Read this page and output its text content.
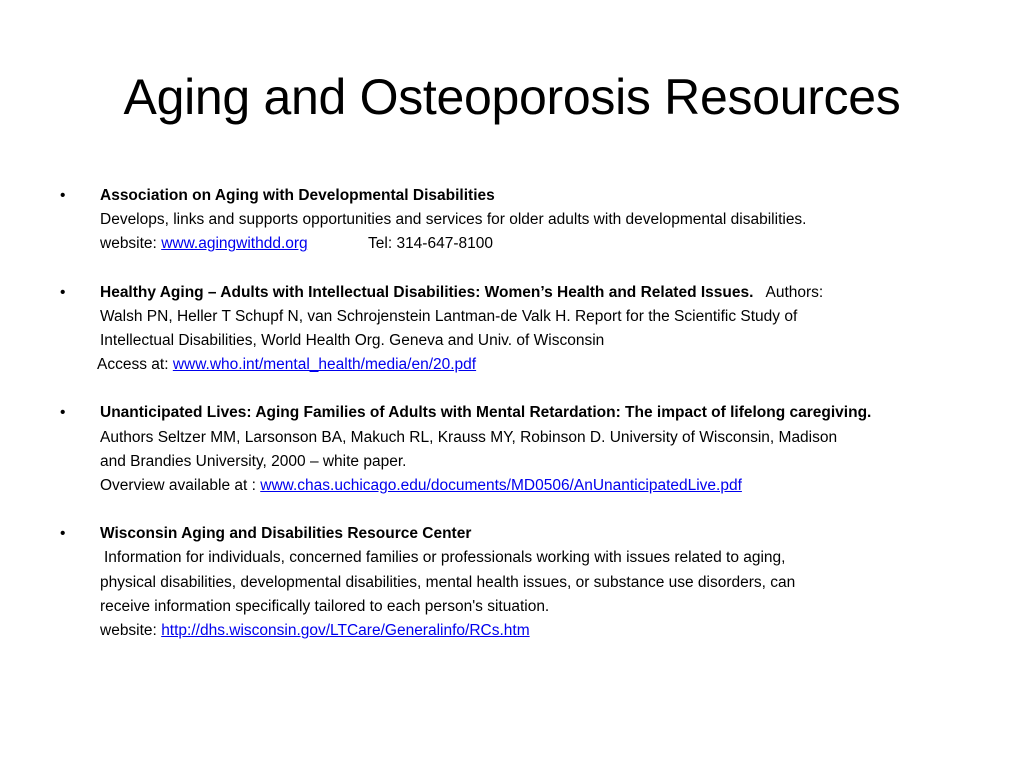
Aging and Osteoporosis Resources
•	Association on Aging with Developmental Disabilities
Develops, links and supports opportunities and services for older adults with developmental disabilities.
website: www.agingwithdd.org	Tel: 314-647-8100
•	Healthy Aging – Adults with Intellectual Disabilities: Women’s Health and Related Issues. Authors:
Walsh PN, Heller T Schupf N, van Schrojenstein Lantman-de Valk H. Report for the Scientific Study of
Intellectual Disabilities, World Health Org. Geneva and Univ. of Wisconsin
Access at: www.who.int/mental_health/media/en/20.pdf
•	Unanticipated Lives: Aging Families of Adults with Mental Retardation: The impact of lifelong caregiving.
Authors Seltzer MM, Larsonson BA, Makuch RL, Krauss MY, Robinson D. University of Wisconsin, Madison
and Brandies University, 2000 – white paper.
Overview available at : www.chas.uchicago.edu/documents/MD0506/AnUnanticipatedLive.pdf
•	Wisconsin Aging and Disabilities Resource Center
Information for individuals, concerned families or professionals working with issues related to aging,
physical disabilities, developmental disabilities, mental health issues, or substance use disorders, can
receive information specifically tailored to each person's situation.
website: http://dhs.wisconsin.gov/LTCare/Generalinfo/RCs.htm
